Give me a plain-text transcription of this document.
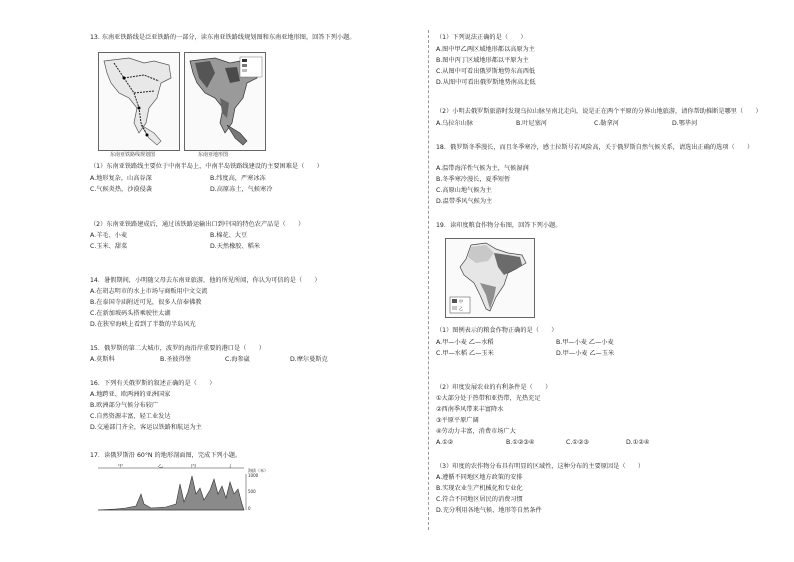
13. 东南亚铁路线是泛亚铁路的一部分，读东南亚铁路线规划图和东南亚地形图，回答下列小题。
东南亚铁路线规划图	东南亚地形图
（1）东南亚铁路线主要位于中南半岛上，中南半岛铁路线建设的主要困难是（　　）
A.地形复杂，山高谷深	B.纬度高，严寒冰冻
C.气候炎热，沙漠侵袭	D.高原冻土，气候寒冷
（2）东南亚铁路建成后，通过该铁路运输出口到中国的特色农产品是（　　）
A.羊毛、小麦	B.棉花、大豆
C.玉米、甜菜	D.天然橡胶、稻米
14．暑假期间，小明随父母去东南亚旅游，他的所见所闻，你认为可信的是（　　）
A.在胡志明市的水上市场与商贩用中文交流
B.在泰国寺庙附近可见，很多人信奉佛教
C.在新加坡码头搭乘驶往太湖
D.在狭窄海峡上看到了半数的半岛风光
15．俄罗斯的第二大城市，波罗的海沿岸重要的港口是（　　）
A.莫斯科	B.圣彼得堡	C.海参崴	D.摩尔曼斯克
16．下列有关俄罗斯的叙述正确的是（　　）
A.地跨亚、欧两洲的亚洲国家
B.欧洲部分气候分布较广
C.自然资源丰富，轻工业发达
D.交通部门齐全，客运以铁路和航运为主
17．读俄罗斯沿 60°N 的地形剖面图，完成下列小题。
甲	乙	丙	丁
1000
500
0
海拔（米）
（1）下列说法正确的是（　　）
A.图中甲乙两区域地形都以高原为主
B.图中丙丁区域地形都以平原为主
C.从图中可看出俄罗斯地势东高西低
D.从图中可看出俄罗斯地势南高北低
（2）小明去俄罗斯旅游时发现乌拉山脉呈南北走向，说是正在两个平原的分界山地旅游，请你帮助推断是哪里（　　）
A.乌拉尔山脉	B.叶尼塞河	C.勒拿河	D.鄂毕河
18．俄罗斯冬季漫长，而且冬季寒冷，感士拉斯号若风险高，关于俄罗斯自然气候关系，请选出正确的选项（　　）
A.温带海洋性气候为主，气候湿润
B.冬季寒冷漫长，夏季短暂
C.高原山地气候为主
D.温带季风气候为主
19．读印度粮食作物分布图，回答下列小题。
甲
乙
（1）图例表示的粮食作物正确的是（　　）
A.甲—小麦 乙—水稻	B.甲—小麦 乙—小麦
C.甲—水稻 乙—玉米	D.甲—小麦 乙—玉米
（2）印度发展农业的有利条件是（　　）
①大部分处于热带和亚热带，光热充足
②西南季风带来丰富降水
③平原平原广阔
④劳动力丰富，消费市场广大
A.①②	B.①②③④	C.①②③	D.①②④
（3）印度的农作物分布具有明显的区域性，这种分布的主要原因是（　　）
A.遵循不同地区地方政策的安排
B.实现农业生产机械化和专业化
C.符合不同地区居民的消费习惯
D.充分利用各地气候、地形等自然条件
